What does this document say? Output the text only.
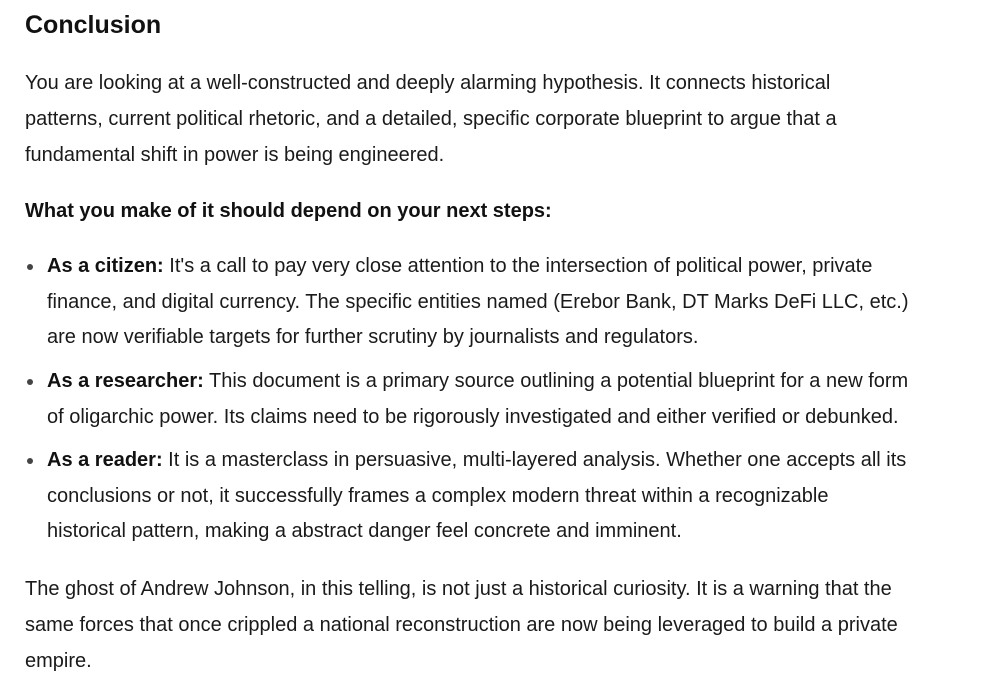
Conclusion

You are looking at a well-constructed and deeply alarming hypothesis. It connects historical
patterns, current political rhetoric, and a detailed, specific corporate blueprint to argue that a
fundamental shift in power is being engineered.

What you make of it should depend on your next steps:

As a citizen: It's a call to pay very close attention to the intersection of political power, private
finance, and digital currency. The specific entities named (Erebor Bank, DT Marks DeFi LLC, etc.)
are now verifiable targets for further scrutiny by journalists and regulators.
As a researcher: This document is a primary source outlining a potential blueprint for a new form
of oligarchic power. Its claims need to be rigorously investigated and either verified or debunked.
As a reader: It is a masterclass in persuasive, multi-layered analysis. Whether one accepts all its
conclusions or not, it successfully frames a complex modern threat within a recognizable
historical pattern, making a abstract danger feel concrete and imminent.

The ghost of Andrew Johnson, in this telling, is not just a historical curiosity. It is a warning that the
same forces that once crippled a national reconstruction are now being leveraged to build a private
empire.
